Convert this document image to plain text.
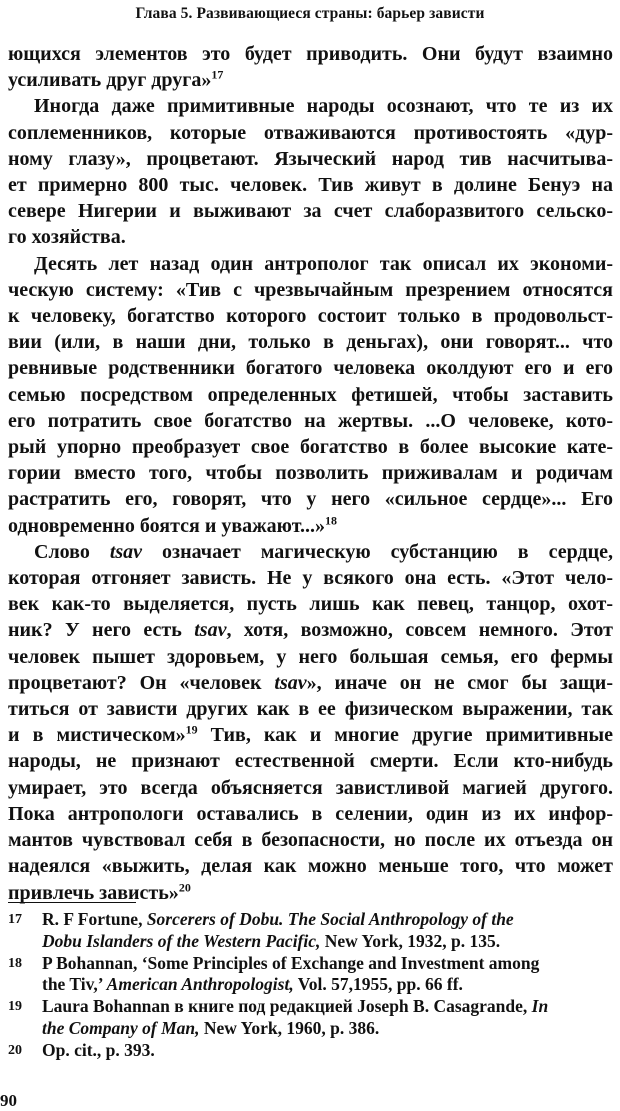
Глава 5. Развивающиеся страны: барьер зависти
ющихся элементов это будет приводить. Они будут взаимно
усиливать друг друга»$^{17}$
Иногда даже примитивные народы осознают, что те из их
соплеменников, которые отваживаются противостоять «дур-
ному глазу», процветают. Языческий народ тив насчитыва-
ет примерно 800 тыс. человек. Тив живут в долине Бенуэ на
севере Нигерии и выживают за счет слаборазвитого сельско-
го хозяйства.
Десять лет назад один антрополог так описал их экономи-
ческую систему: «Тив с чрезвычайным презрением относятся
к человеку, богатство которого состоит только в продовольст-
вии (или, в наши дни, только в деньгах), они говорят... что
ревнивые родственники богатого человека околдуют его и его
семью посредством определенных фетишей, чтобы заставить
его потратить свое богатство на жертвы. ...О человеке, кото-
рый упорно преобразует свое богатство в более высокие кате-
гории вместо того, чтобы позволить приживалам и родичам
растратить его, говорят, что у него «сильное сердце»... Его
одновременно боятся и уважают...»$^{18}$
Слово tsav означает магическую субстанцию в сердце,
которая отгоняет зависть. Не у всякого она есть. «Этот чело-
век как-то выделяется, пусть лишь как певец, танцор, охот-
ник? У него есть tsav, хотя, возможно, совсем немного. Этот
человек пышет здоровьем, у него большая семья, его фермы
процветают? Он «человек tsav», иначе он не смог бы защи-
титься от зависти других как в ее физическом выражении, так
и в мистическом»$^{19}$ Тив, как и многие другие примитивные
народы, не признают естественной смерти. Если кто-нибудь
умирает, это всегда объясняется завистливой магией другого.
Пока антропологи оставались в селении, один из их инфор-
мантов чувствовал себя в безопасности, но после их отъезда он
надеялся «выжить, делая как можно меньше того, что может
привлечь зависть»$^{20}$
17 R. F Fortune, Sorcerers of Dobu. The Social Anthropology of the
Dobu Islanders of the Western Pacific, New York, 1932, p. 135.
18 P Bohannan, ‘Some Principles of Exchange and Investment among
the Tiv,’ American Anthropologist, Vol. 57,1955, pp. 66 ff.
19 Laura Bohannan в книге под редакцией Joseph B. Casagrande, In
the Company of Man, New York, 1960, p. 386.
20 Op. cit., p. 393.
90
